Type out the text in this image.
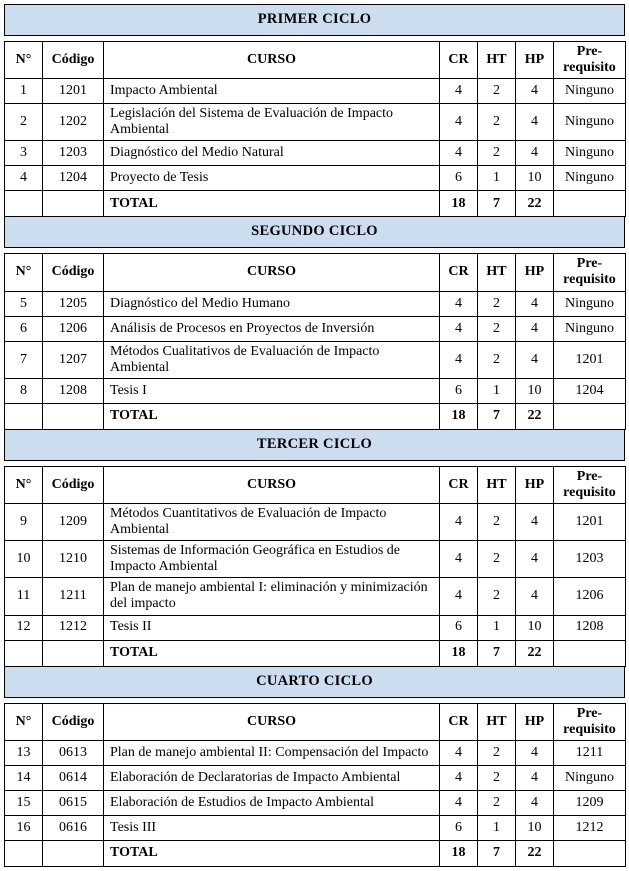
PRIMER CICLO
N°	Código	CURSO	CR	HT	HP	Pre-requisito
1	1201	Impacto Ambiental	4	2	4	Ninguno
2	1202	Legislación del Sistema de Evaluación de Impacto Ambiental	4	2	4	Ninguno
3	1203	Diagnóstico del Medio Natural	4	2	4	Ninguno
4	1204	Proyecto de Tesis	6	1	10	Ninguno
		TOTAL	18	7	22	
SEGUNDO CICLO
N°	Código	CURSO	CR	HT	HP	Pre-requisito
5	1205	Diagnóstico del Medio Humano	4	2	4	Ninguno
6	1206	Análisis de Procesos en Proyectos de Inversión	4	2	4	Ninguno
7	1207	Métodos Cualitativos de Evaluación de Impacto Ambiental	4	2	4	1201
8	1208	Tesis I	6	1	10	1204
		TOTAL	18	7	22	
TERCER CICLO
N°	Código	CURSO	CR	HT	HP	Pre-requisito
9	1209	Métodos Cuantitativos de Evaluación de Impacto Ambiental	4	2	4	1201
10	1210	Sistemas de Información Geográfica en Estudios de Impacto Ambiental	4	2	4	1203
11	1211	Plan de manejo ambiental I: eliminación y minimización del impacto	4	2	4	1206
12	1212	Tesis II	6	1	10	1208
		TOTAL	18	7	22	
CUARTO CICLO
N°	Código	CURSO	CR	HT	HP	Pre-requisito
13	0613	Plan de manejo ambiental II: Compensación del Impacto	4	2	4	1211
14	0614	Elaboración de Declaratorias de Impacto Ambiental	4	2	4	Ninguno
15	0615	Elaboración de Estudios de Impacto Ambiental	4	2	4	1209
16	0616	Tesis III	6	1	10	1212
		TOTAL	18	7	22	
